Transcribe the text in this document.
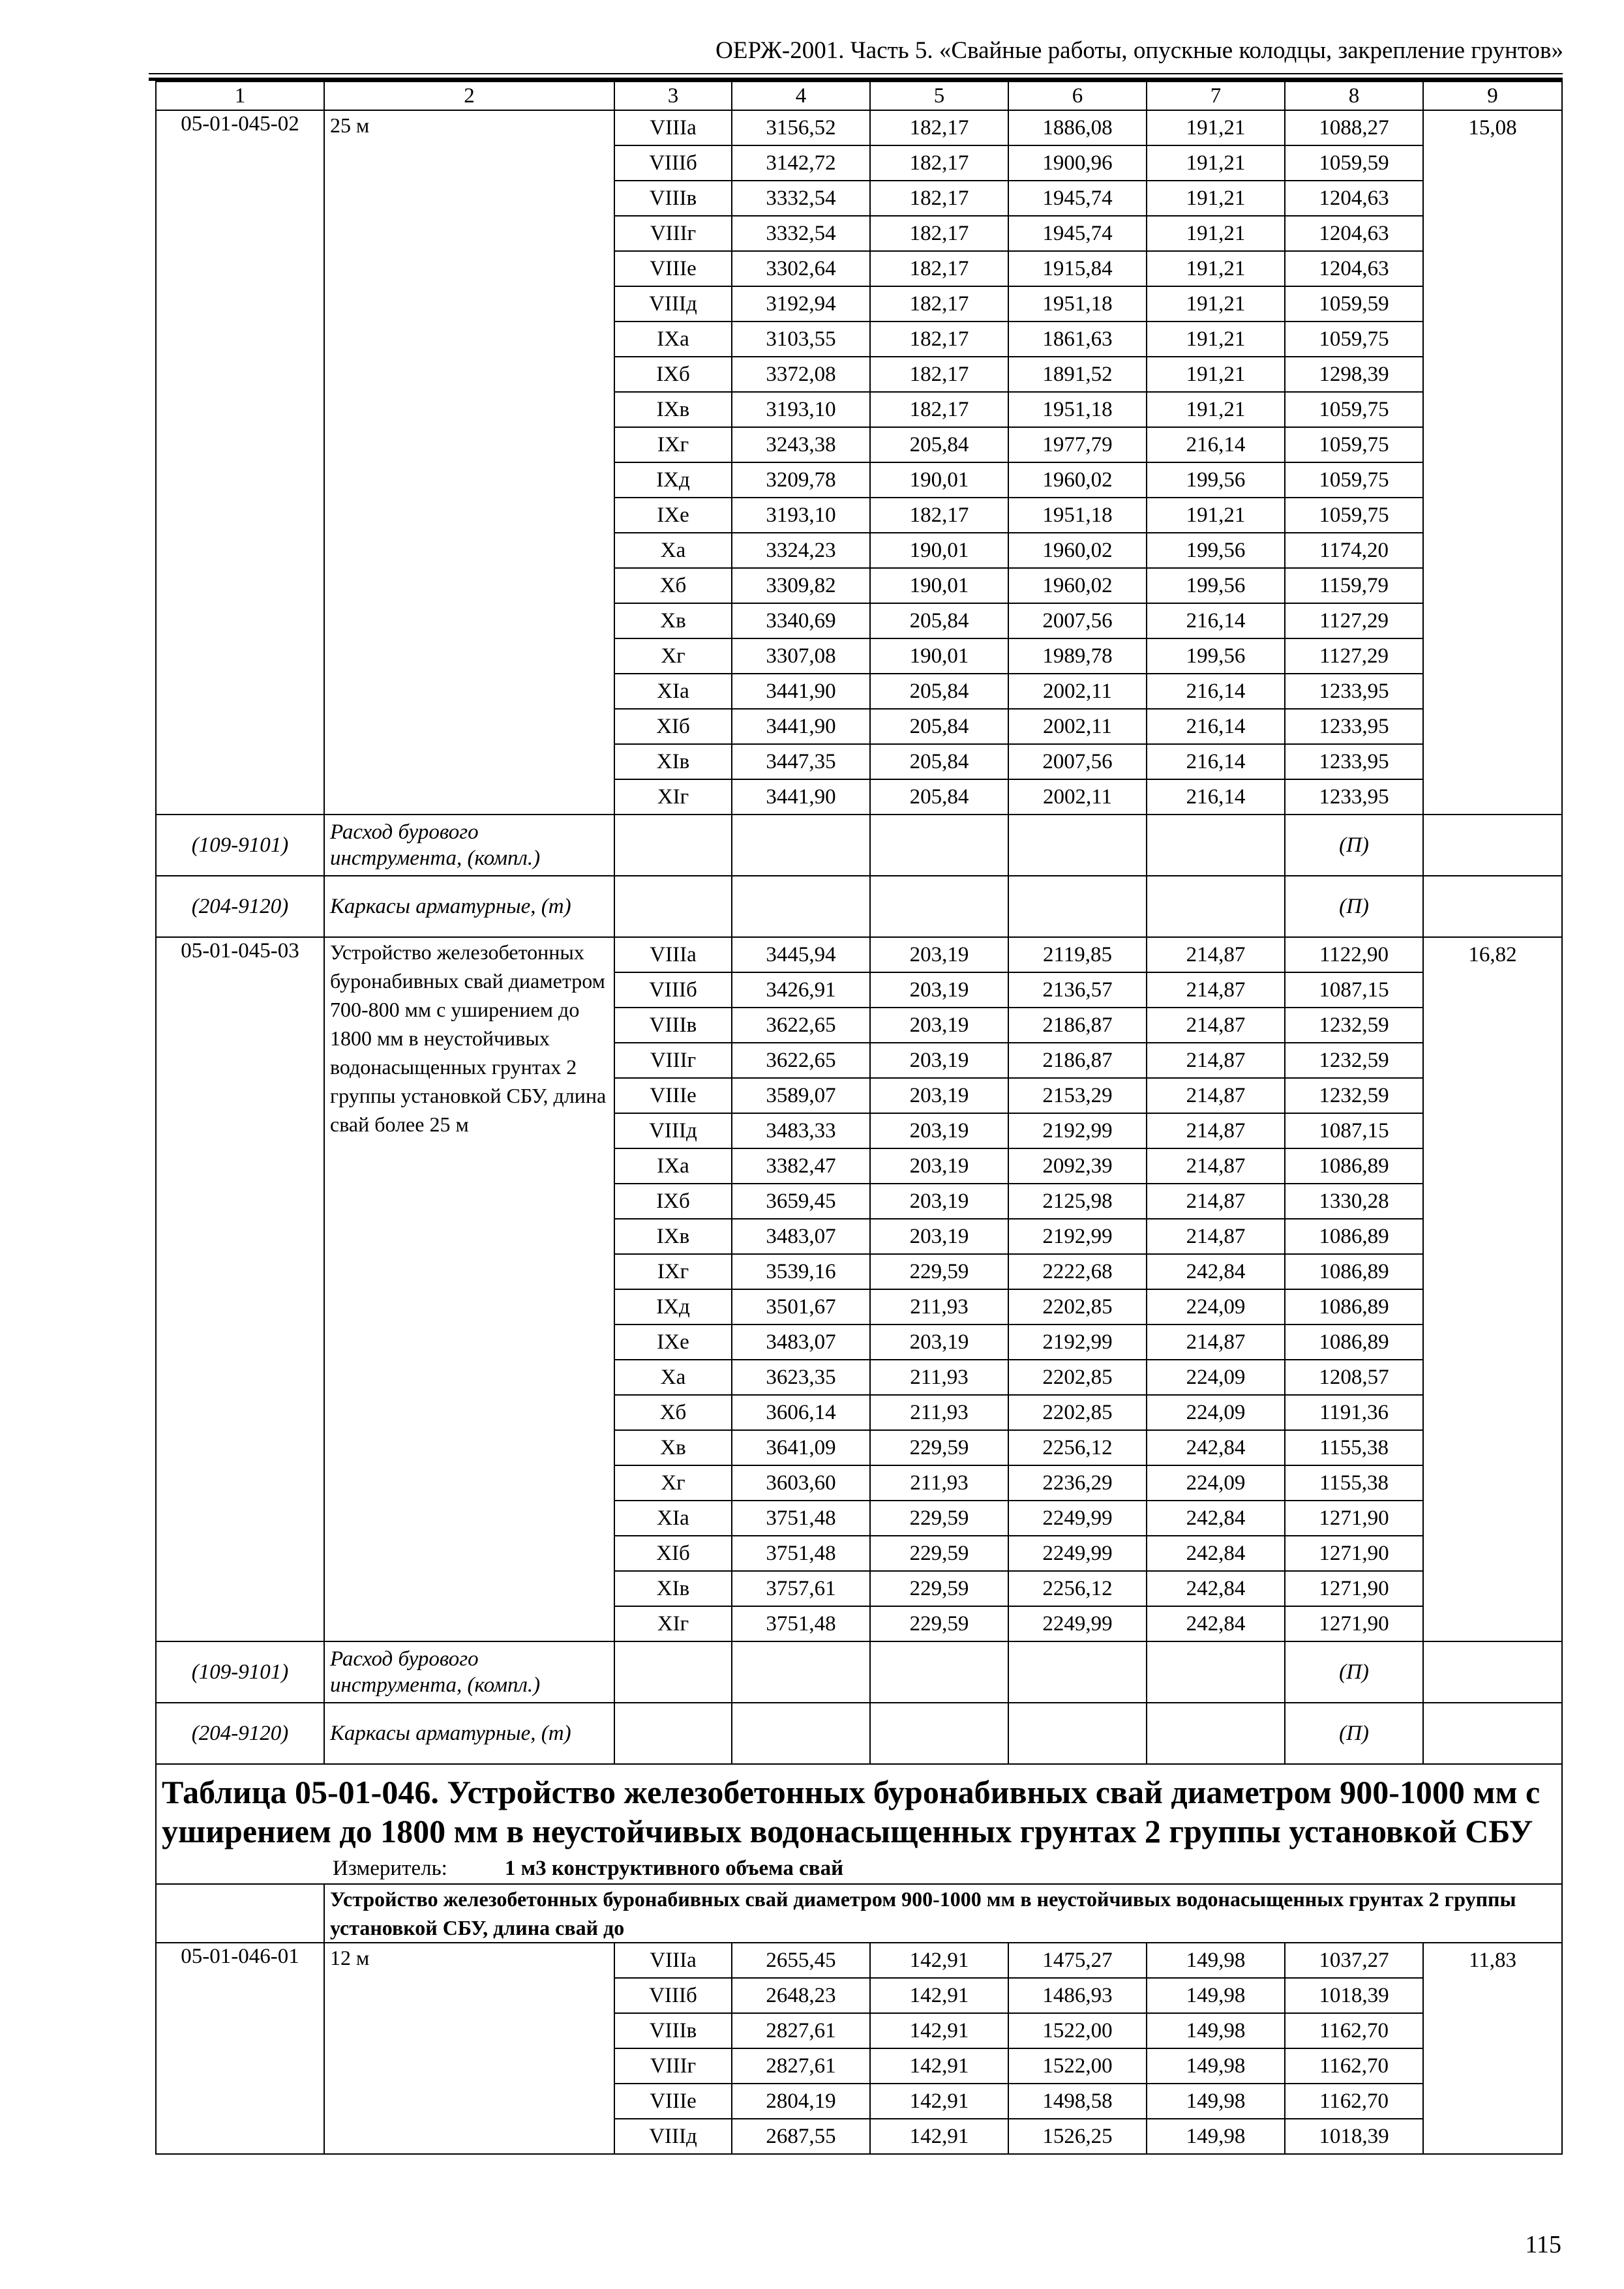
ОЕРЖ-2001. Часть 5. «Свайные работы, опускные колодцы, закрепление грунтов»
1	2	3	4	5	6	7	8	9
05-01-045-02	25 м	VIIIа	3156,52	182,17	1886,08	191,21	1088,27	15,08
		VIIIб	3142,72	182,17	1900,96	191,21	1059,59	
		VIIIв	3332,54	182,17	1945,74	191,21	1204,63	
		VIIIг	3332,54	182,17	1945,74	191,21	1204,63	
		VIIIе	3302,64	182,17	1915,84	191,21	1204,63	
		VIIIд	3192,94	182,17	1951,18	191,21	1059,59	
		IXа	3103,55	182,17	1861,63	191,21	1059,75	
		IXб	3372,08	182,17	1891,52	191,21	1298,39	
		IXв	3193,10	182,17	1951,18	191,21	1059,75	
		IXг	3243,38	205,84	1977,79	216,14	1059,75	
		IXд	3209,78	190,01	1960,02	199,56	1059,75	
		IXе	3193,10	182,17	1951,18	191,21	1059,75	
		Xа	3324,23	190,01	1960,02	199,56	1174,20	
		Xб	3309,82	190,01	1960,02	199,56	1159,79	
		Xв	3340,69	205,84	2007,56	216,14	1127,29	
		Xг	3307,08	190,01	1989,78	199,56	1127,29	
		XIа	3441,90	205,84	2002,11	216,14	1233,95	
		XIб	3441,90	205,84	2002,11	216,14	1233,95	
		XIв	3447,35	205,84	2007,56	216,14	1233,95	
		XIг	3441,90	205,84	2002,11	216,14	1233,95	
(109-9101)	Расход бурового инструмента, (компл.)						(П)	
(204-9120)	Каркасы арматурные, (т)						(П)	
05-01-045-03	Устройство железобетонных буронабивных свай диаметром 700-800 мм с уширением до 1800 мм в неустойчивых водонасыщенных грунтах 2 группы установкой СБУ, длина свай более 25 м	VIIIа	3445,94	203,19	2119,85	214,87	1122,90	16,82
		VIIIб	3426,91	203,19	2136,57	214,87	1087,15	
		VIIIв	3622,65	203,19	2186,87	214,87	1232,59	
		VIIIг	3622,65	203,19	2186,87	214,87	1232,59	
		VIIIе	3589,07	203,19	2153,29	214,87	1232,59	
		VIIIд	3483,33	203,19	2192,99	214,87	1087,15	
		IXа	3382,47	203,19	2092,39	214,87	1086,89	
		IXб	3659,45	203,19	2125,98	214,87	1330,28	
		IXв	3483,07	203,19	2192,99	214,87	1086,89	
		IXг	3539,16	229,59	2222,68	242,84	1086,89	
		IXд	3501,67	211,93	2202,85	224,09	1086,89	
		IXе	3483,07	203,19	2192,99	214,87	1086,89	
		Xа	3623,35	211,93	2202,85	224,09	1208,57	
		Xб	3606,14	211,93	2202,85	224,09	1191,36	
		Xв	3641,09	229,59	2256,12	242,84	1155,38	
		Xг	3603,60	211,93	2236,29	224,09	1155,38	
		XIа	3751,48	229,59	2249,99	242,84	1271,90	
		XIб	3751,48	229,59	2249,99	242,84	1271,90	
		XIв	3757,61	229,59	2256,12	242,84	1271,90	
		XIг	3751,48	229,59	2249,99	242,84	1271,90	
(109-9101)	Расход бурового инструмента, (компл.)						(П)	
(204-9120)	Каркасы арматурные, (т)						(П)	

Таблица 05-01-046. Устройство железобетонных буронабивных свай диаметром 900-1000 мм с уширением до 1800 мм в неустойчивых водонасыщенных грунтах 2 группы установкой СБУ
Измеритель: 1 м3 конструктивного объема свай								

	Устройство железобетонных буронабивных свай диаметром 900-1000 мм в неустойчивых водонасыщенных грунтах 2 группы установкой СБУ, длина свай до							
05-01-046-01	12 м	VIIIа	2655,45	142,91	1475,27	149,98	1037,27	11,83
		VIIIб	2648,23	142,91	1486,93	149,98	1018,39	
		VIIIв	2827,61	142,91	1522,00	149,98	1162,70	
		VIIIг	2827,61	142,91	1522,00	149,98	1162,70	
		VIIIе	2804,19	142,91	1498,58	149,98	1162,70	
		VIIIд	2687,55	142,91	1526,25	149,98	1018,39	
115
